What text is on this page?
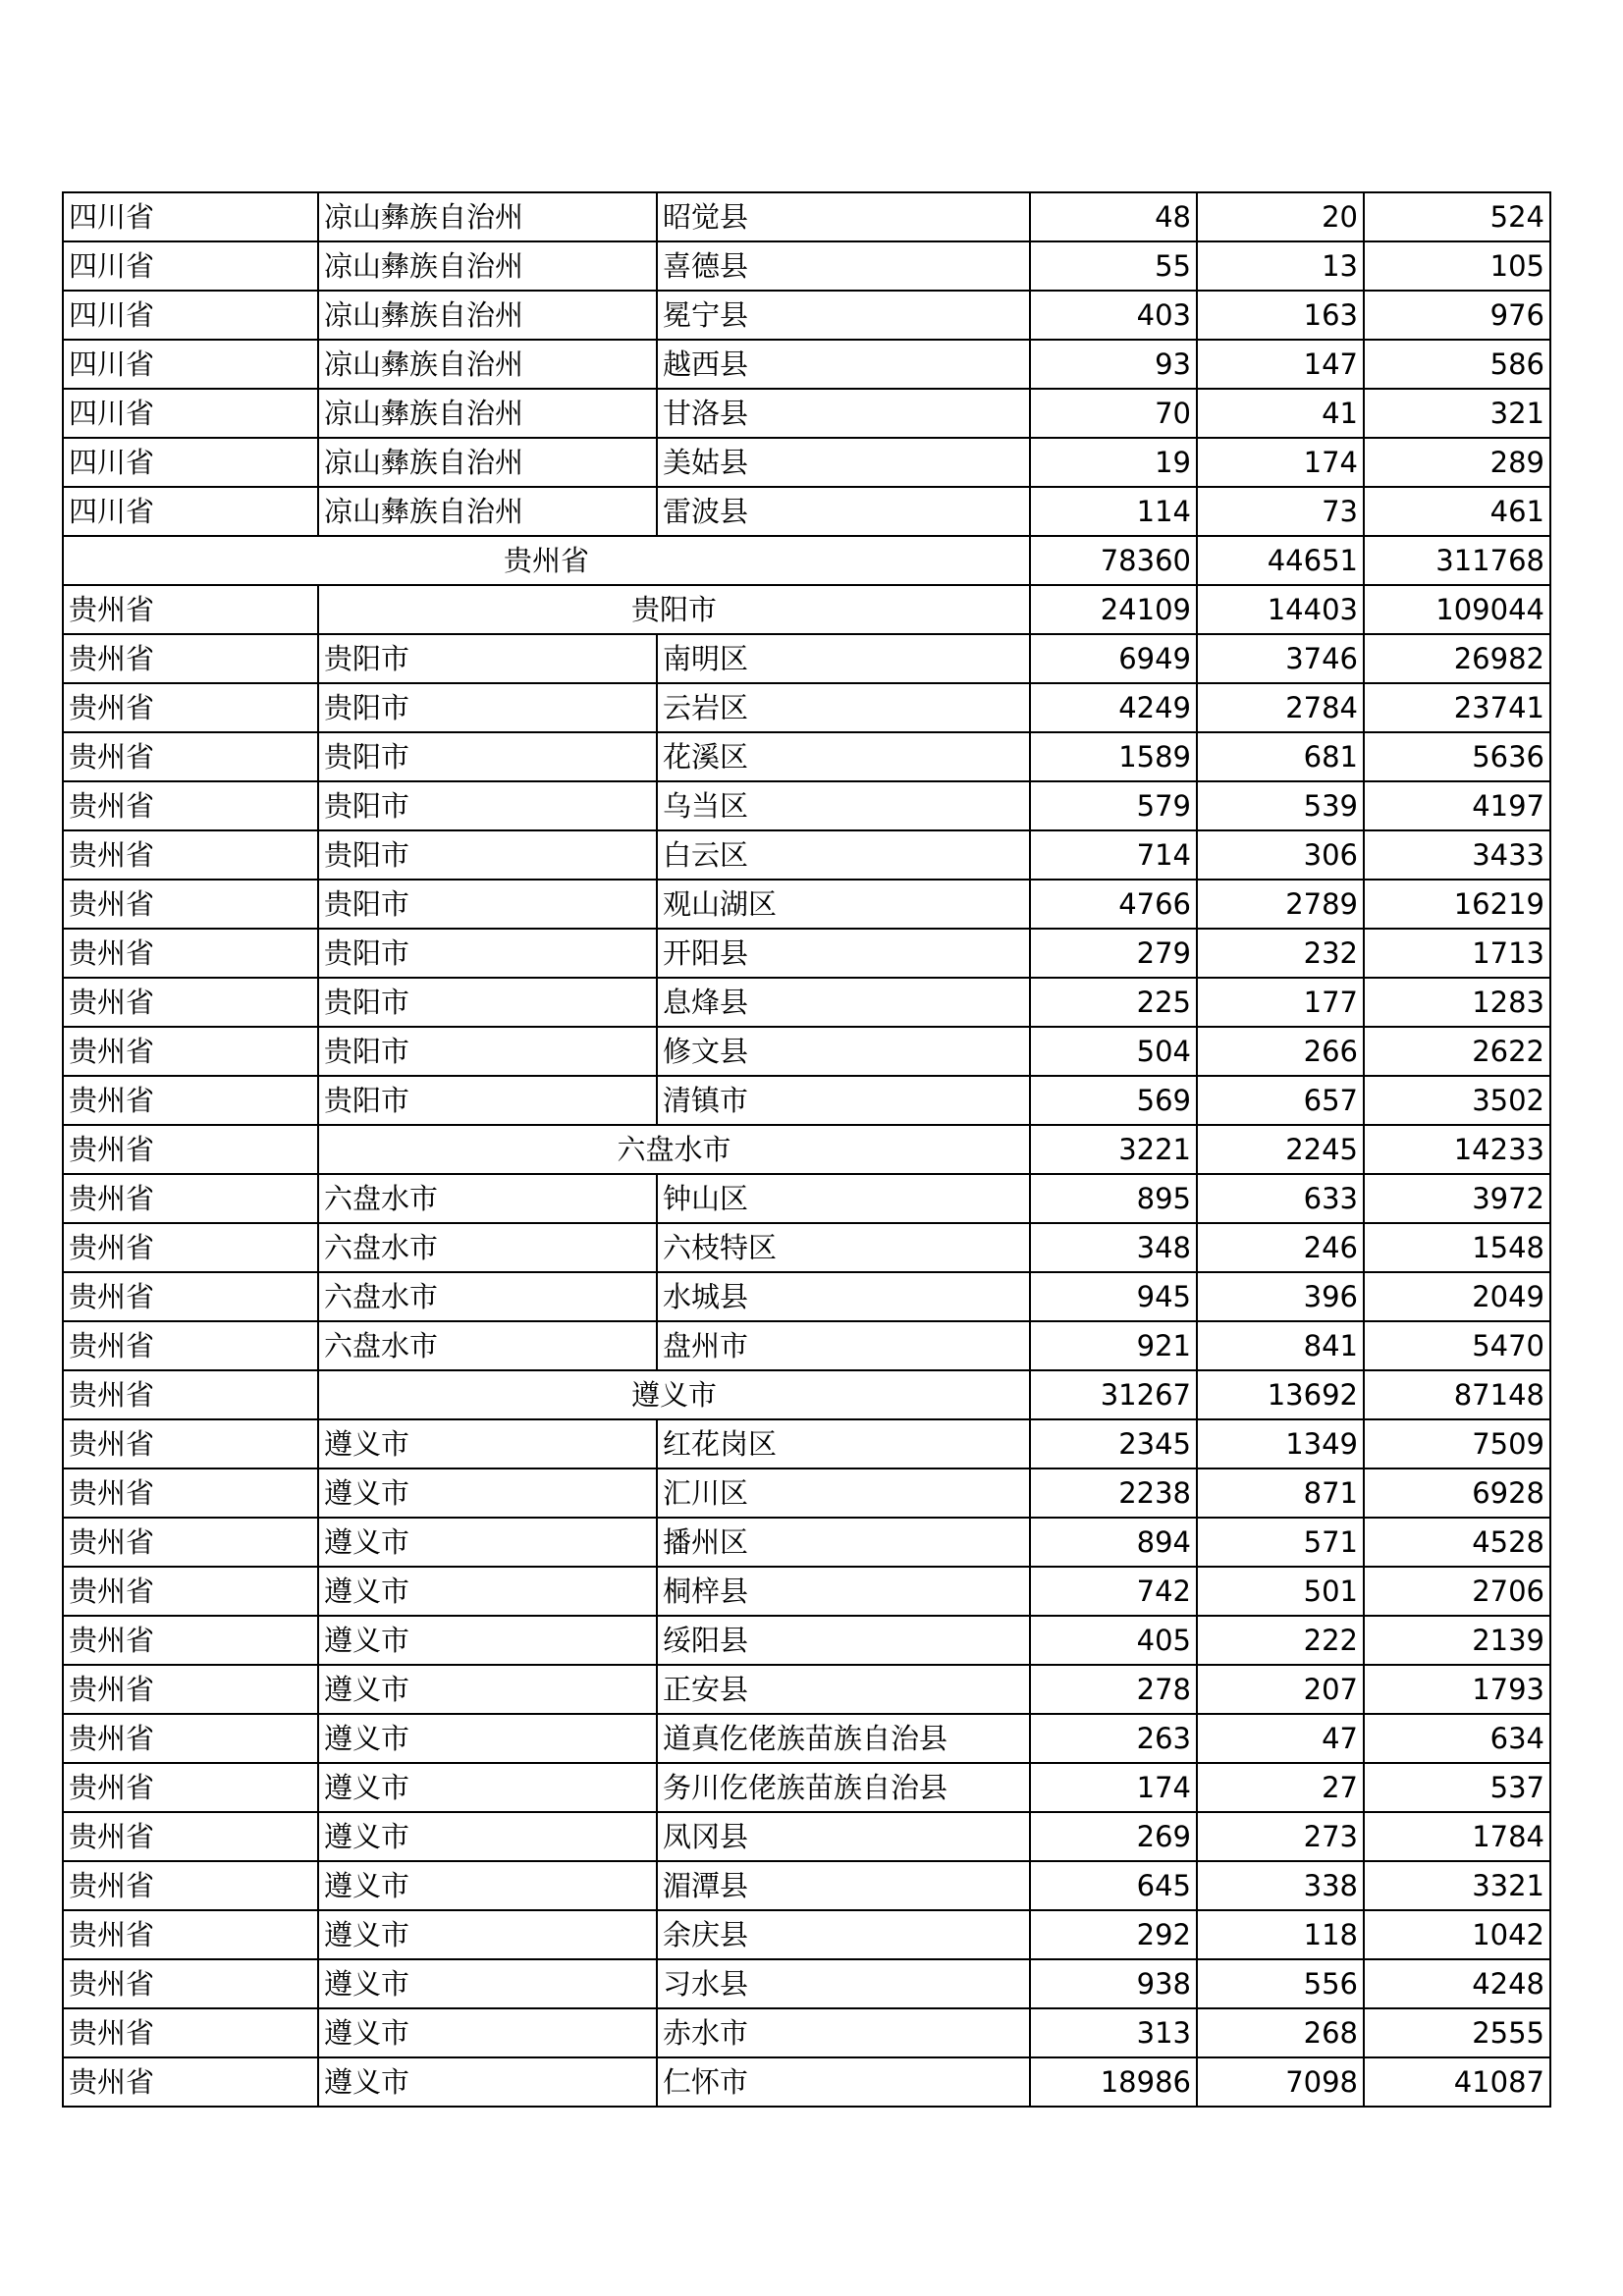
四川省	凉山彝族自治州	昭觉县	48	20	524
四川省	凉山彝族自治州	喜德县	55	13	105
四川省	凉山彝族自治州	冕宁县	403	163	976
四川省	凉山彝族自治州	越西县	93	147	586
四川省	凉山彝族自治州	甘洛县	70	41	321
四川省	凉山彝族自治州	美姑县	19	174	289
四川省	凉山彝族自治州	雷波县	114	73	461
贵州省			78360	44651	311768
贵州省	贵阳市		24109	14403	109044
贵州省	贵阳市	南明区	6949	3746	26982
贵州省	贵阳市	云岩区	4249	2784	23741
贵州省	贵阳市	花溪区	1589	681	5636
贵州省	贵阳市	乌当区	579	539	4197
贵州省	贵阳市	白云区	714	306	3433
贵州省	贵阳市	观山湖区	4766	2789	16219
贵州省	贵阳市	开阳县	279	232	1713
贵州省	贵阳市	息烽县	225	177	1283
贵州省	贵阳市	修文县	504	266	2622
贵州省	贵阳市	清镇市	569	657	3502
贵州省	六盘水市		3221	2245	14233
贵州省	六盘水市	钟山区	895	633	3972
贵州省	六盘水市	六枝特区	348	246	1548
贵州省	六盘水市	水城县	945	396	2049
贵州省	六盘水市	盘州市	921	841	5470
贵州省	遵义市		31267	13692	87148
贵州省	遵义市	红花岗区	2345	1349	7509
贵州省	遵义市	汇川区	2238	871	6928
贵州省	遵义市	播州区	894	571	4528
贵州省	遵义市	桐梓县	742	501	2706
贵州省	遵义市	绥阳县	405	222	2139
贵州省	遵义市	正安县	278	207	1793
贵州省	遵义市	道真仡佬族苗族自治县	263	47	634
贵州省	遵义市	务川仡佬族苗族自治县	174	27	537
贵州省	遵义市	凤冈县	269	273	1784
贵州省	遵义市	湄潭县	645	338	3321
贵州省	遵义市	余庆县	292	118	1042
贵州省	遵义市	习水县	938	556	4248
贵州省	遵义市	赤水市	313	268	2555
贵州省	遵义市	仁怀市	18986	7098	41087
